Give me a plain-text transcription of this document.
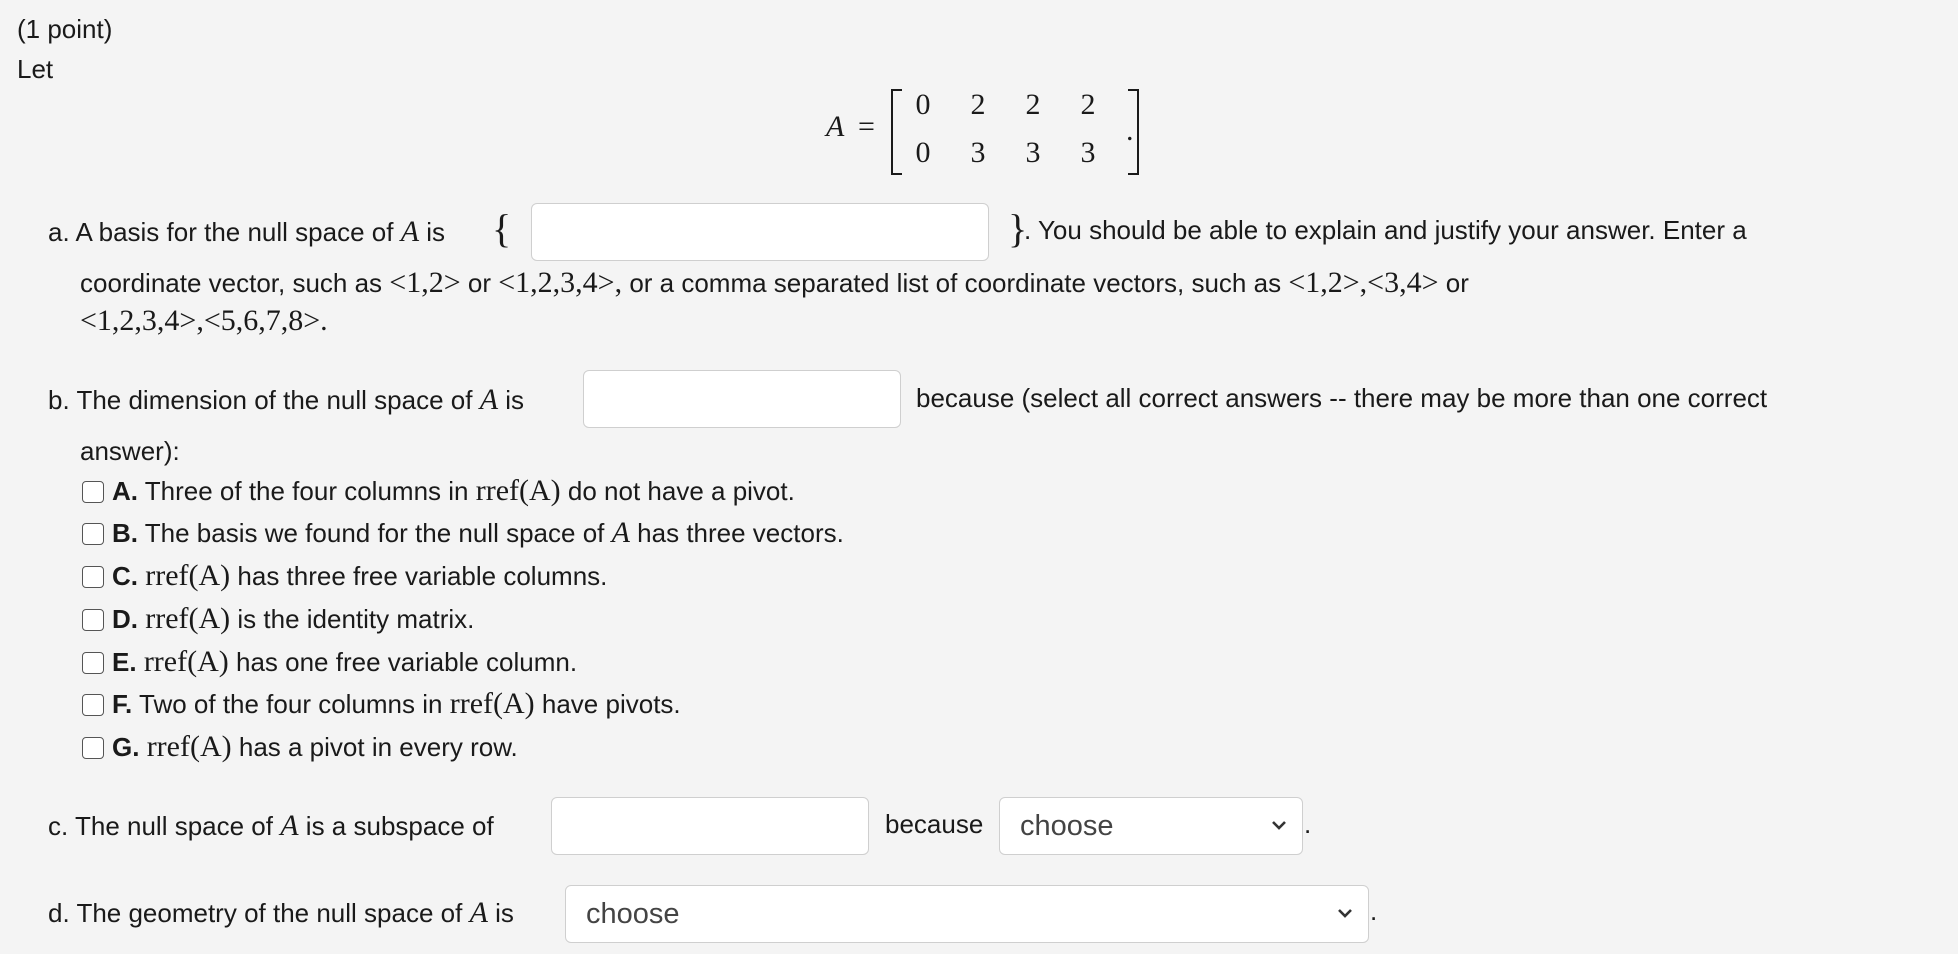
(1 point)
Let
A =
0 2 2 2
0 3 3 3
.
a. A basis for the null space of A is {	}
. You should be able to explain and justify your answer. Enter a
coordinate vector, such as <1,2> or <1,2,3,4>, or a comma separated list of coordinate vectors, such as <1,2>,<3,4> or
<1,2,3,4>,<5,6,7,8>.
b. The dimension of the null space of A is	because (select all correct answers -- there may be more than one correct
answer):
A. Three of the four columns in rref(A) do not have a pivot.
B. The basis we found for the null space of A has three vectors.
C. rref(A) has three free variable columns.
D. rref(A) is the identity matrix.
E. rref(A) has one free variable column.
F. Two of the four columns in rref(A) have pivots.
G. rref(A) has a pivot in every row.
c. The null space of A is a subspace of	because	choose	.
d. The geometry of the null space of A is	choose	.
